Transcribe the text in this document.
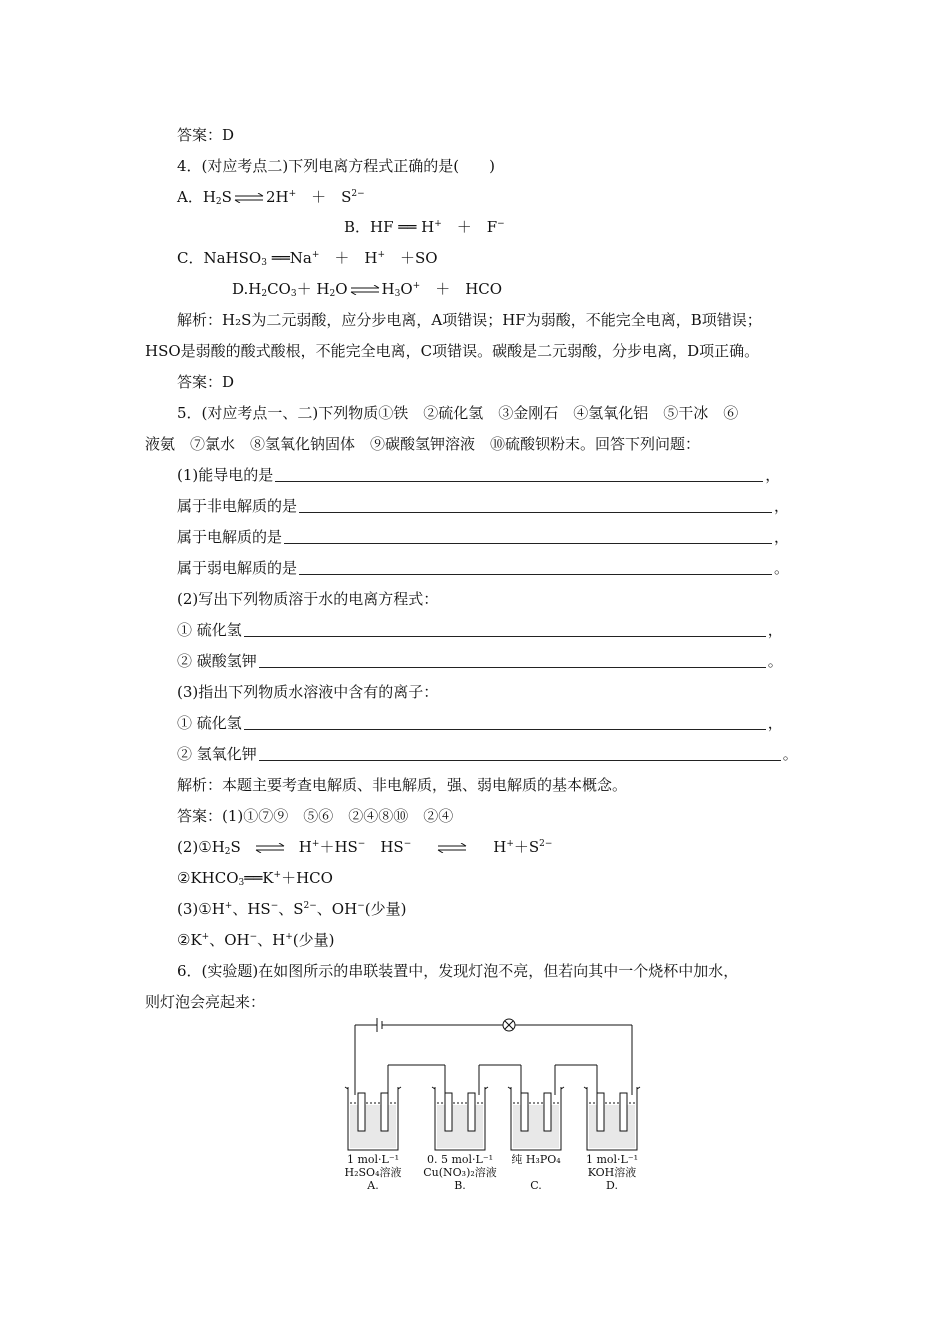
答案：D
4．(对应考点二)下列电离方程式正确的是(　　)
A．$H_2S$ ⇌ 2H+　＋　$S^{2-}$
B．HF ══ H+　＋　F−
C．NaHSO$_3$ ══Na+　＋　H+　＋SO
$D.H_2CO_3+ H_2O$ ⇌ $H_3O^+$　＋　HCO
解析：H₂S为二元弱酸，应分步电离，A项错误；HF为弱酸，不能完全电离，B项错误；
HSO是弱酸的酸式酸根，不能完全电离，C项错误。碳酸是二元弱酸，分步电离，D项正确。
答案：D
5．(对应考点一、二)下列物质①铁　②硫化氢　③金刚石　④氢氧化铝　⑤干冰　⑥
液氨　⑦氯水　⑧氢氧化钠固体　⑨碳酸氢钾溶液　⑩硫酸钡粉末。回答下列问题：
(1)能导电的是	，
属于非电解质的是	，
属于电解质的是	，
属于弱电解质的是	。
(2)写出下列物质溶于水的电离方程式：
① 硫化氢	，
② 碳酸氢钾	。
(3)指出下列物质水溶液中含有的离子：
① 硫化氢	，
② 氢氧化钾	。
解析：本题主要考查电解质、非电解质，强、弱电解质的基本概念。
答案：(1)①⑦⑨　⑤⑥　②④⑧⑩　②④
$(2)①H_2S$ ⇌ H+＋HS−　HS−	$H^++S^{2-}$
$②KHCO_3══K^++HCO$
(3)①H+、HS−、$S^{2-}$、OH−(少量)
②K+、OH−、H+(少量)
6．(实验题)在如图所示的串联装置中，发现灯泡不亮，但若向其中一个烧杯中加水，
则灯泡会亮起来：
1 mol·L⁻¹
H₂SO₄溶液
A.
0. 5 mol·L⁻¹
Cu(NO₃)₂溶液
B.
纯 H₃PO₄
C.
1 mol·L⁻¹
KOH溶液
D.
